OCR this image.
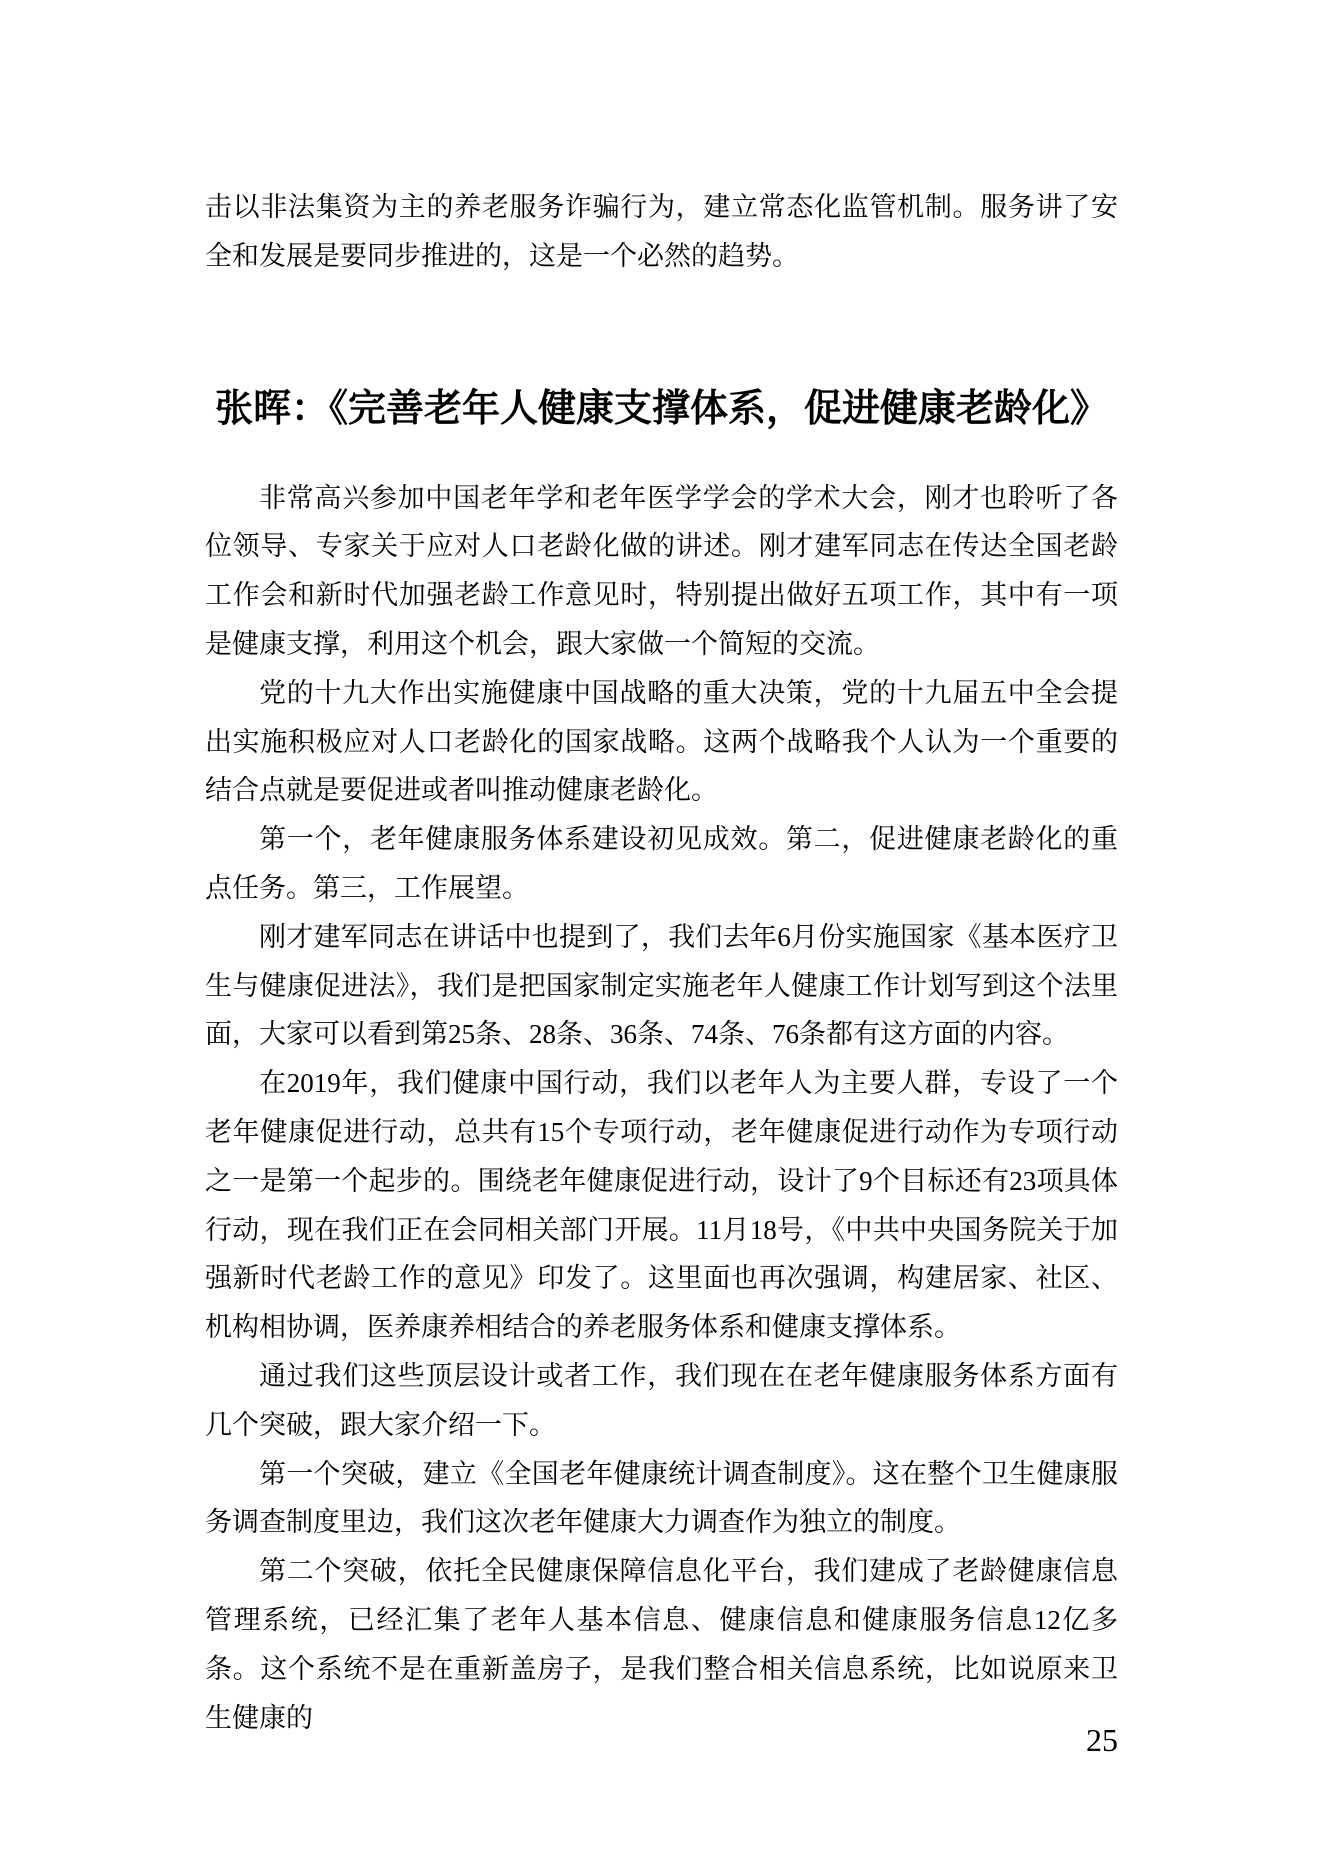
击以非法集资为主的养老服务诈骗行为，建立常态化监管机制。服务讲了安全和发展是要同步推进的，这是一个必然的趋势。

张晖：《完善老年人健康支撑体系，促进健康老龄化》

非常高兴参加中国老年学和老年医学学会的学术大会，刚才也聆听了各位领导、专家关于应对人口老龄化做的讲述。刚才建军同志在传达全国老龄工作会和新时代加强老龄工作意见时，特别提出做好五项工作，其中有一项是健康支撑，利用这个机会，跟大家做一个简短的交流。

党的十九大作出实施健康中国战略的重大决策，党的十九届五中全会提出实施积极应对人口老龄化的国家战略。这两个战略我个人认为一个重要的结合点就是要促进或者叫推动健康老龄化。

第一个，老年健康服务体系建设初见成效。第二，促进健康老龄化的重点任务。第三，工作展望。

刚才建军同志在讲话中也提到了，我们去年6月份实施国家《基本医疗卫生与健康促进法》，我们是把国家制定实施老年人健康工作计划写到这个法里面，大家可以看到第25条、28条、36条、74条、76条都有这方面的内容。

在2019年，我们健康中国行动，我们以老年人为主要人群，专设了一个老年健康促进行动，总共有15个专项行动，老年健康促进行动作为专项行动之一是第一个起步的。围绕老年健康促进行动，设计了9个目标还有23项具体行动，现在我们正在会同相关部门开展。11月18号，《中共中央国务院关于加强新时代老龄工作的意见》印发了。这里面也再次强调，构建居家、社区、机构相协调，医养康养相结合的养老服务体系和健康支撑体系。

通过我们这些顶层设计或者工作，我们现在在老年健康服务体系方面有几个突破，跟大家介绍一下。

第一个突破，建立《全国老年健康统计调查制度》。这在整个卫生健康服务调查制度里边，我们这次老年健康大力调查作为独立的制度。

第二个突破，依托全民健康保障信息化平台，我们建成了老龄健康信息管理系统，已经汇集了老年人基本信息、健康信息和健康服务信息12亿多条。这个系统不是在重新盖房子，是我们整合相关信息系统，比如说原来卫生健康的

25
